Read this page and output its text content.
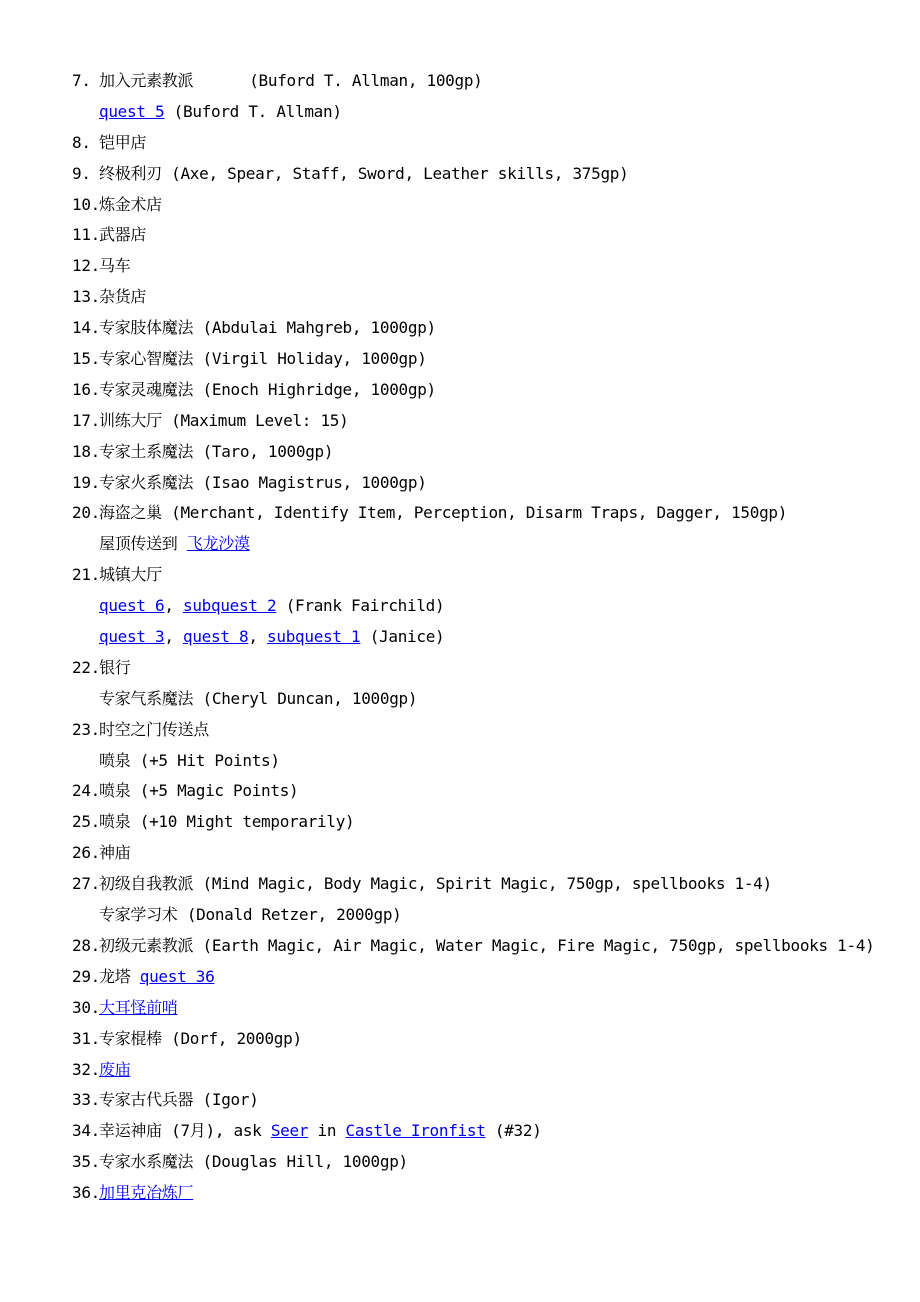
7. 加入元素教派      (Buford T. Allman, 100gp)
quest 5 (Buford T. Allman)
8. 铠甲店
9. 终极利刃 (Axe, Spear, Staff, Sword, Leather skills, 375gp)
10.炼金术店
11.武器店
12.马车
13.杂货店
14.专家肢体魔法 (Abdulai Mahgreb, 1000gp)
15.专家心智魔法 (Virgil Holiday, 1000gp)
16.专家灵魂魔法 (Enoch Highridge, 1000gp)
17.训练大厅 (Maximum Level: 15)
18.专家土系魔法 (Taro, 1000gp)
19.专家火系魔法 (Isao Magistrus, 1000gp)
20.海盗之巢 (Merchant, Identify Item, Perception, Disarm Traps, Dagger, 150gp)
屋顶传送到 飞龙沙漠
21.城镇大厅
quest 6, subquest 2 (Frank Fairchild)
quest 3, quest 8, subquest 1 (Janice)
22.银行
专家气系魔法 (Cheryl Duncan, 1000gp)
23.时空之门传送点
喷泉 (+5 Hit Points)
24.喷泉 (+5 Magic Points)
25.喷泉 (+10 Might temporarily)
26.神庙
27.初级自我教派 (Mind Magic, Body Magic, Spirit Magic, 750gp, spellbooks 1-4)
专家学习术 (Donald Retzer, 2000gp)
28.初级元素教派 (Earth Magic, Air Magic, Water Magic, Fire Magic, 750gp, spellbooks 1-4)
29.龙塔 quest 36
30.大耳怪前哨
31.专家棍棒 (Dorf, 2000gp)
32.废庙
33.专家古代兵器 (Igor)
34.幸运神庙 (7月), ask Seer in Castle Ironfist (#32)
35.专家水系魔法 (Douglas Hill, 1000gp)
36.加里克冶炼厂
